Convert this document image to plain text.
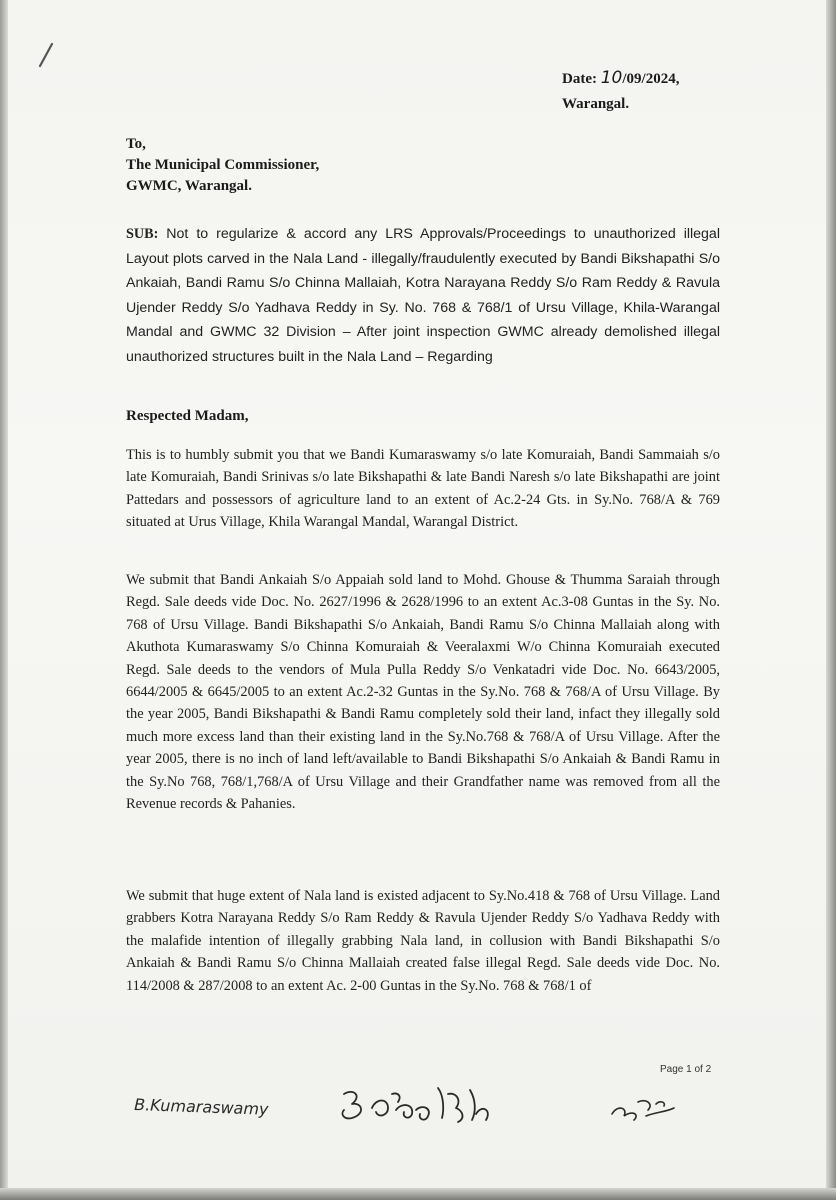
Date: 10/09/2024,
Warangal.
To,
The Municipal Commissioner,
GWMC, Warangal.
SUB: Not to regularize & accord any LRS Approvals/Proceedings to unauthorized illegal Layout plots carved in the Nala Land - illegally/fraudulently executed by Bandi Bikshapathi S/o Ankaiah, Bandi Ramu S/o Chinna Mallaiah, Kotra Narayana Reddy S/o Ram Reddy & Ravula Ujender Reddy S/o Yadhava Reddy in Sy. No. 768 & 768/1 of Ursu Village, Khila-Warangal Mandal and GWMC 32 Division – After joint inspection GWMC already demolished illegal unauthorized structures built in the Nala Land – Regarding
Respected Madam,
This is to humbly submit you that we Bandi Kumaraswamy s/o late Komuraiah, Bandi Sammaiah s/o late Komuraiah, Bandi Srinivas s/o late Bikshapathi & late Bandi Naresh s/o late Bikshapathi are joint Pattedars and possessors of agriculture land to an extent of Ac.2-24 Gts. in Sy.No. 768/A & 769 situated at Urus Village, Khila Warangal Mandal, Warangal District.
We submit that Bandi Ankaiah S/o Appaiah sold land to Mohd. Ghouse & Thumma Saraiah through Regd. Sale deeds vide Doc. No. 2627/1996 & 2628/1996 to an extent Ac.3-08 Guntas in the Sy. No. 768 of Ursu Village. Bandi Bikshapathi S/o Ankaiah, Bandi Ramu S/o Chinna Mallaiah along with Akuthota Kumaraswamy S/o Chinna Komuraiah & Veeralaxmi W/o Chinna Komuraiah executed Regd. Sale deeds to the vendors of Mula Pulla Reddy S/o Venkatadri vide Doc. No. 6643/2005, 6644/2005 & 6645/2005 to an extent Ac.2-32 Guntas in the Sy.No. 768 & 768/A of Ursu Village. By the year 2005, Bandi Bikshapathi & Bandi Ramu completely sold their land, infact they illegally sold much more excess land than their existing land in the Sy.No.768 & 768/A of Ursu Village. After the year 2005, there is no inch of land left/available to Bandi Bikshapathi S/o Ankaiah & Bandi Ramu in the Sy.No 768, 768/1,768/A of Ursu Village and their Grandfather name was removed from all the Revenue records & Pahanies.
We submit that huge extent of Nala land is existed adjacent to Sy.No.418 & 768 of Ursu Village. Land grabbers Kotra Narayana Reddy S/o Ram Reddy & Ravula Ujender Reddy S/o Yadhava Reddy with the malafide intention of illegally grabbing Nala land, in collusion with Bandi Bikshapathi S/o Ankaiah & Bandi Ramu S/o Chinna Mallaiah created false illegal Regd. Sale deeds vide Doc. No. 114/2008 & 287/2008 to an extent Ac. 2-00 Guntas in the Sy.No. 768 & 768/1 of
Page 1 of 2
B.Kumaraswamy
